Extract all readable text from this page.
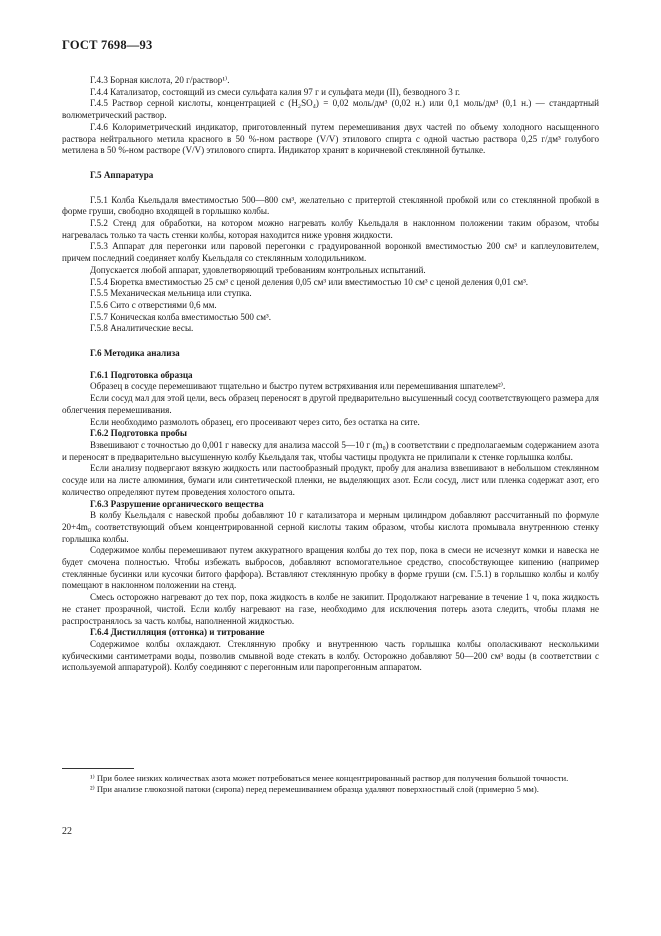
ГОСТ 7698—93

Г.4.3 Борная кислота, 20 г/раствор¹⁾.

Г.4.4 Катализатор, состоящий из смеси сульфата калия 97 г и сульфата меди (II), безводного 3 г.

Г.4.5 Раствор серной кислоты, концентрацией c (H₂SO₄) = 0,02 моль/дм³ (0,02 н.) или 0,1 моль/дм³ (0,1 н.) — стандартный волюметрический раствор.

Г.4.6 Колориметрический индикатор, приготовленный путем перемешивания двух частей по объему холодного насыщенного раствора нейтрального метила красного в 50 %-ном растворе (V/V) этилового спирта с одной частью раствора 0,25 г/дм³ голубого метилена в 50 %-ном растворе (V/V) этилового спирта. Индикатор хранят в коричневой стеклянной бутылке.

Г.5 Аппаратура

Г.5.1 Колба Кьельдаля вместимостью 500—800 см³, желательно с притертой стеклянной пробкой или со стеклянной пробкой в форме груши, свободно входящей в горлышко колбы.

Г.5.2 Стенд для обработки, на котором можно нагревать колбу Кьельдаля в наклонном положении таким образом, чтобы нагревалась только та часть стенки колбы, которая находится ниже уровня жидкости.

Г.5.3 Аппарат для перегонки или паровой перегонки с градуированной воронкой вместимостью 200 см³ и каплеуловителем, причем последний соединяет колбу Кьельдаля со стеклянным холодильником.

Допускается любой аппарат, удовлетворяющий требованиям контрольных испытаний.

Г.5.4 Бюретка вместимостью 25 см³ с ценой деления 0,05 см³ или вместимостью 10 см³ с ценой деления 0,01 см³.

Г.5.5 Механическая мельница или ступка.

Г.5.6 Сито с отверстиями 0,6 мм.

Г.5.7 Коническая колба вместимостью 500 см³.

Г.5.8 Аналитические весы.

Г.6 Методика анализа

Г.6.1 Подготовка образца

Образец в сосуде перемешивают тщательно и быстро путем встряхивания или перемешивания шпателем²⁾.

Если сосуд мал для этой цели, весь образец переносят в другой предварительно высушенный сосуд соответствующего размера для облегчения перемешивания.

Если необходимо размолоть образец, его просеивают через сито, без остатка на сите.

Г.6.2 Подготовка пробы

Взвешивают с точностью до 0,001 г навеску для анализа массой 5—10 г (m₀) в соответствии с предполагаемым содержанием азота и переносят в предварительно высушенную колбу Кьельдаля так, чтобы частицы продукта не прилипали к стенке горлышка колбы.

Если анализу подвергают вязкую жидкость или пастообразный продукт, пробу для анализа взвешивают в небольшом стеклянном сосуде или на листе алюминия, бумаги или синтетической пленки, не выделяющих азот. Если сосуд, лист или пленка содержат азот, его количество определяют путем проведения холостого опыта.

Г.6.3 Разрушение органического вещества

В колбу Кьельдаля с навеской пробы добавляют 10 г катализатора и мерным цилиндром добавляют рассчитанный по формуле 20+4m₀ соответствующий объем концентрированной серной кислоты таким образом, чтобы кислота промывала внутреннюю стенку горлышка колбы.

Содержимое колбы перемешивают путем аккуратного вращения колбы до тех пор, пока в смеси не исчезнут комки и навеска не будет смочена полностью. Чтобы избежать выбросов, добавляют вспомогательное средство, способствующее кипению (например стеклянные бусинки или кусочки битого фарфора). Вставляют стеклянную пробку в форме груши (см. Г.5.1) в горлышко колбы и колбу помещают в наклонном положении на стенд.

Смесь осторожно нагревают до тех пор, пока жидкость в колбе не закипит. Продолжают нагревание в течение 1 ч, пока жидкость не станет прозрачной, чистой. Если колбу нагревают на газе, необходимо для исключения потерь азота следить, чтобы пламя не распространялось за часть колбы, наполненной жидкостью.

Г.6.4 Дистилляция (отгонка) и титрование

Содержимое колбы охлаждают. Стеклянную пробку и внутреннюю часть горлышка колбы ополаскивают несколькими кубическими сантиметрами воды, позволив смывной воде стекать в колбу. Осторожно добавляют 50—200 см³ воды (в соответствии с используемой аппаратурой). Колбу соединяют с перегонным или паропрегонным аппаратом.

¹⁾ При более низких количествах азота может потребоваться менее концентрированный раствор для получения большой точности.

²⁾ При анализе глюкозной патоки (сиропа) перед перемешиванием образца удаляют поверхностный слой (примерно 5 мм).

22
